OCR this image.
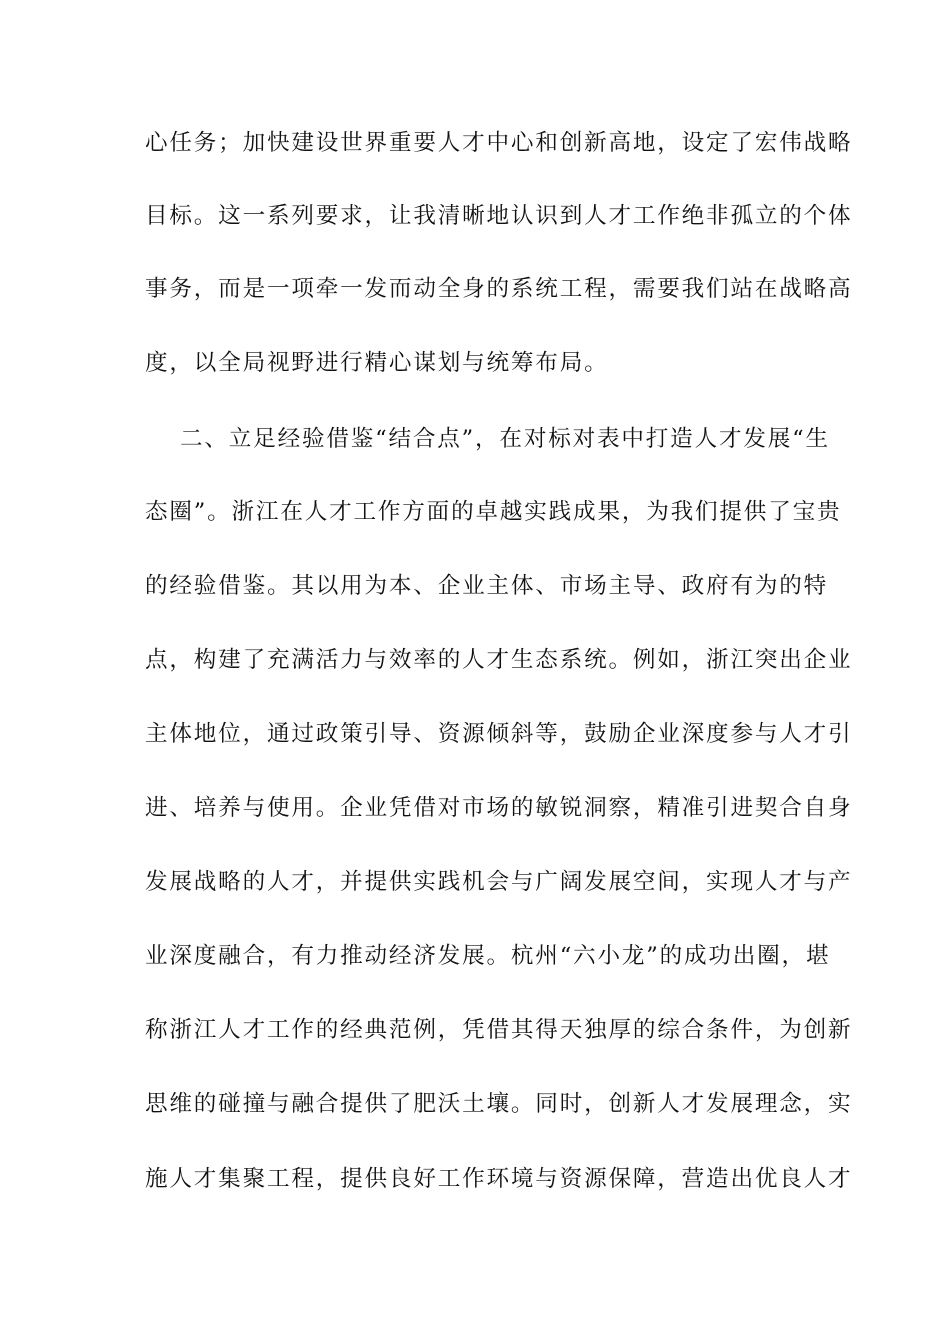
心任务；加快建设世界重要人才中心和创新高地，设定了宏伟战略
目标。这一系列要求，让我清晰地认识到人才工作绝非孤立的个体
事务，而是一项牵一发而动全身的系统工程，需要我们站在战略高
度，以全局视野进行精心谋划与统筹布局。
二、立足经验借鉴“结合点”，在对标对表中打造人才发展“生
态圈”。浙江在人才工作方面的卓越实践成果，为我们提供了宝贵
的经验借鉴。其以用为本、企业主体、市场主导、政府有为的特
点，构建了充满活力与效率的人才生态系统。例如，浙江突出企业
主体地位，通过政策引导、资源倾斜等，鼓励企业深度参与人才引
进、培养与使用。企业凭借对市场的敏锐洞察，精准引进契合自身
发展战略的人才，并提供实践机会与广阔发展空间，实现人才与产
业深度融合，有力推动经济发展。杭州“六小龙”的成功出圈，堪
称浙江人才工作的经典范例，凭借其得天独厚的综合条件，为创新
思维的碰撞与融合提供了肥沃土壤。同时，创新人才发展理念，实
施人才集聚工程，提供良好工作环境与资源保障，营造出优良人才
